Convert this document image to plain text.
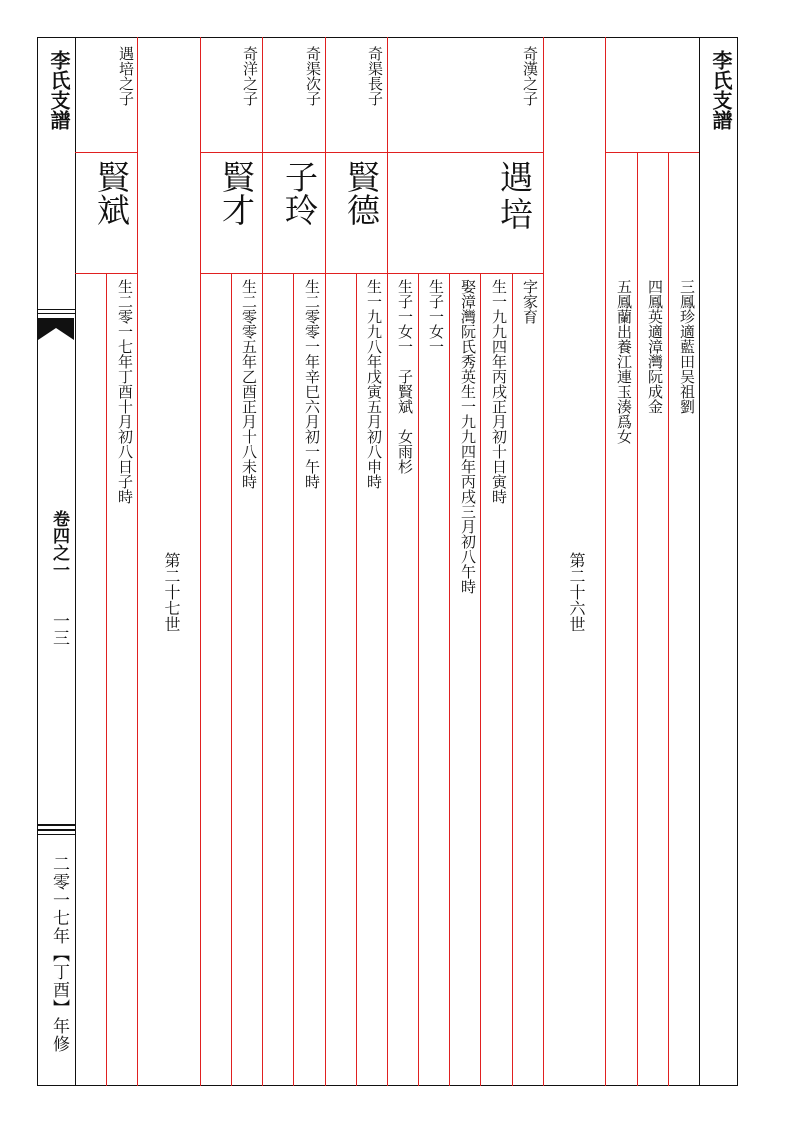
李氏支譜
李氏支譜
卷四之一
一三
二零一七年【丁酉】年修
第二十六世
第二十七世
三鳳珍適藍田吴祖劉
四鳳英適漳灣阮成金
五鳳蘭出養江連玉湊爲女
奇漢之子
遇培
字家育
生一九九四年丙戌正月初十日寅時
娶漳灣阮氏秀英生一九九四年丙戌三月初八午時
生子一女一
生子一女一　子賢斌　女雨杉
奇渠長子
賢德
生一九九八年戊寅五月初八申時
奇渠次子
子玲
生二零零一年辛巳六月初一午時
奇洋之子
賢才
生二零零五年乙酉正月十八未時
遇培之子
賢斌
生二零一七年丁酉十月初八日子時
